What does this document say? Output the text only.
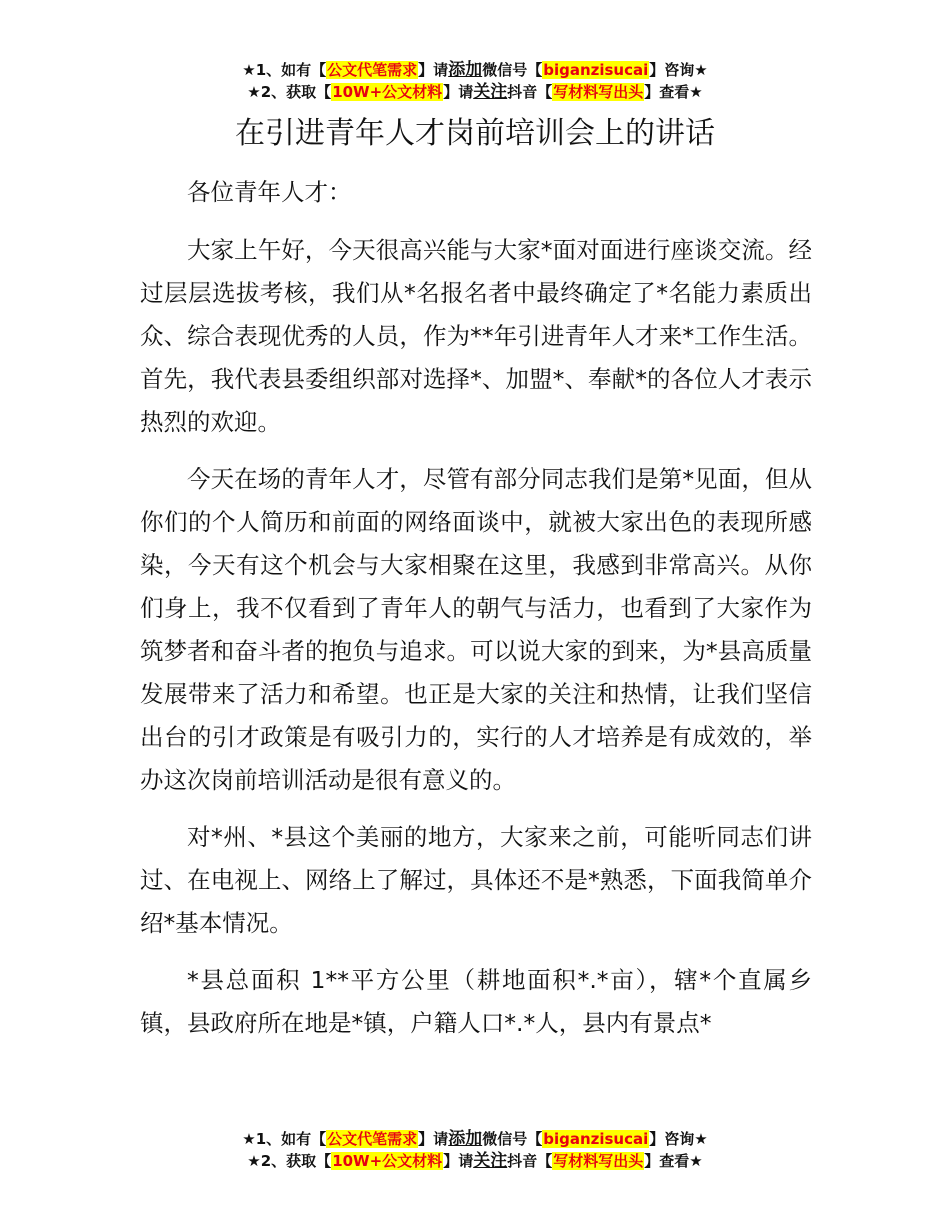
★1、如有【公文代笔需求】请添加微信号【biganzisucai】咨询★
★2、获取【10W+公文材料】请关注抖音【写材料写出头】查看★
在引进青年人才岗前培训会上的讲话

各位青年人才：

大家上午好，今天很高兴能与大家*面对面进行座谈交流。经过层层选拔考核，我们从*名报名者中最终确定了*名能力素质出众、综合表现优秀的人员，作为**年引进青年人才来*工作生活。首先，我代表县委组织部对选择*、加盟*、奉献*的各位人才表示热烈的欢迎。

今天在场的青年人才，尽管有部分同志我们是第*见面，但从你们的个人简历和前面的网络面谈中，就被大家出色的表现所感染，今天有这个机会与大家相聚在这里，我感到非常高兴。从你们身上，我不仅看到了青年人的朝气与活力，也看到了大家作为筑梦者和奋斗者的抱负与追求。可以说大家的到来，为*县高质量发展带来了活力和希望。也正是大家的关注和热情，让我们坚信出台的引才政策是有吸引力的，实行的人才培养是有成效的，举办这次岗前培训活动是很有意义的。

对*州、*县这个美丽的地方，大家来之前，可能听同志们讲过、在电视上、网络上了解过，具体还不是*熟悉，下面我简单介绍*基本情况。

*县总面积 1**平方公里（耕地面积*.*亩），辖*个直属乡镇，县政府所在地是*镇，户籍人口*.*人，县内有景点*

★1、如有【公文代笔需求】请添加微信号【biganzisucai】咨询★
★2、获取【10W+公文材料】请关注抖音【写材料写出头】查看★
